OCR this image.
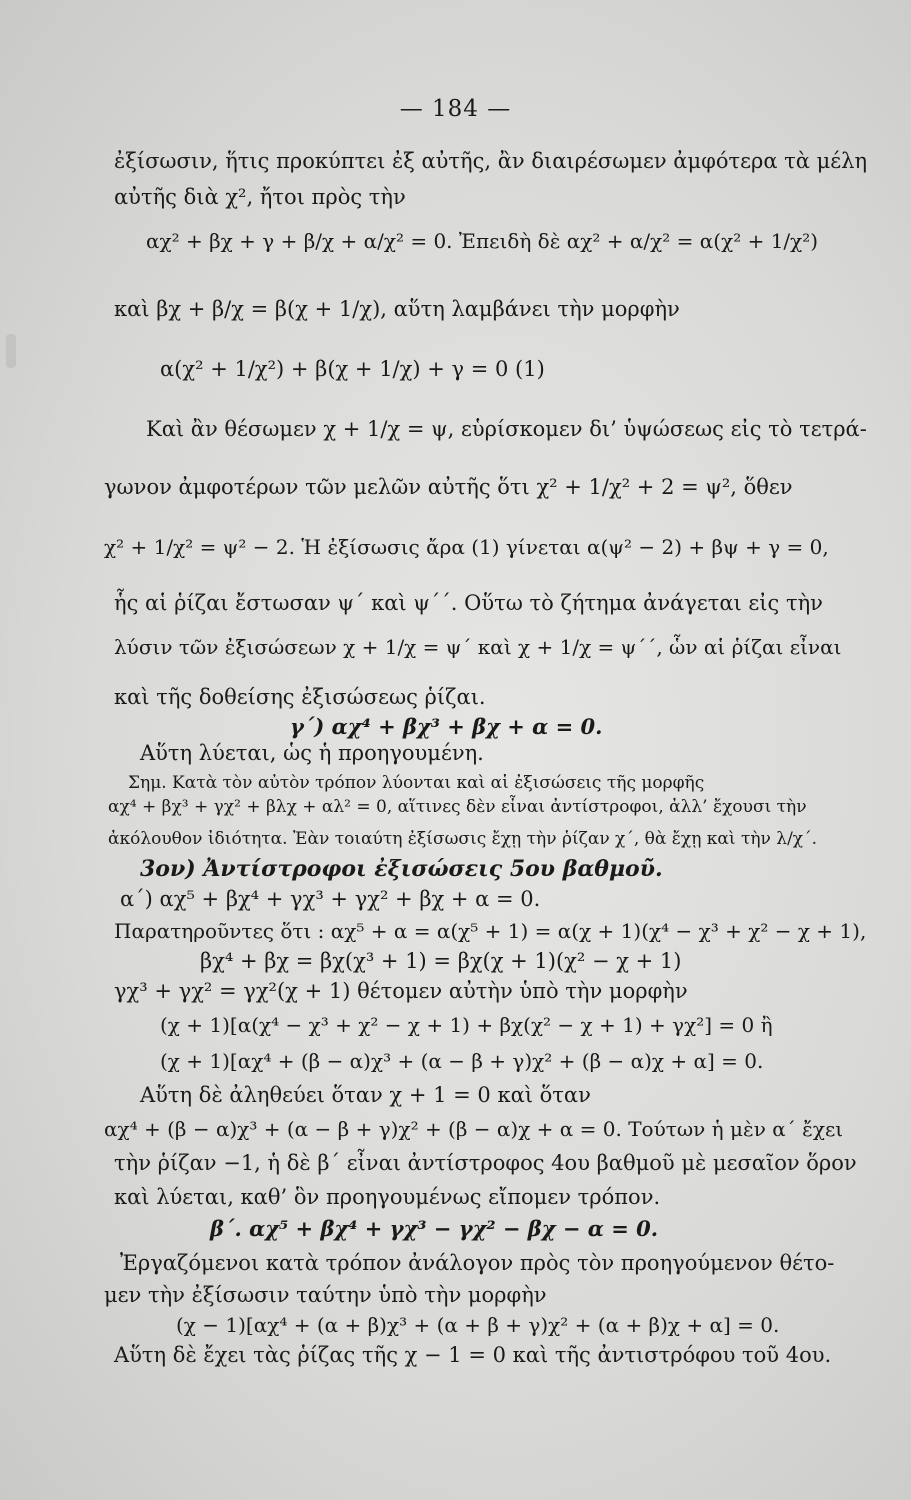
— 184 —
ἐξίσωσιν, ἥτις προκύπτει ἐξ αὐτῆς, ἂν διαιρέσωμεν ἀμφότερα τὰ μέλη
αὐτῆς διὰ χ², ἤτοι πρὸς τὴν
αχ² + βχ + γ + β/χ + α/χ² = 0. Ἐπειδὴ δὲ αχ² + α/χ² = α(χ² + 1/χ²)
καὶ βχ + β/χ = β(χ + 1/χ), αὕτη λαμβάνει τὴν μορφὴν
α(χ² + 1/χ²) + β(χ + 1/χ) + γ = 0 (1)
Καὶ ἂν θέσωμεν χ + 1/χ = ψ, εὑρίσκομεν δι’ ὑψώσεως εἰς τὸ τετρά-
γωνον ἀμφοτέρων τῶν μελῶν αὐτῆς ὅτι χ² + 1/χ² + 2 = ψ², ὅθεν
χ² + 1/χ² = ψ² − 2. Ἡ ἐξίσωσις ἄρα (1) γίνεται α(ψ² − 2) + βψ + γ = 0,
ἧς αἱ ῥίζαι ἔστωσαν ψ΄ καὶ ψ΄΄. Οὕτω τὸ ζήτημα ἀνάγεται εἰς τὴν
λύσιν τῶν ἐξισώσεων χ + 1/χ = ψ΄ καὶ χ + 1/χ = ψ΄΄, ὧν αἱ ῥίζαι εἶναι
καὶ τῆς δοθείσης ἐξισώσεως ῥίζαι.
γ΄) αχ⁴ + βχ³ + βχ + α = 0.
Αὕτη λύεται, ὡς ἡ προηγουμένη.
Σημ. Κατὰ τὸν αὐτὸν τρόπον λύονται καὶ αἱ ἐξισώσεις τῆς μορφῆς
αχ⁴ + βχ³ + γχ² + βλχ + αλ² = 0, αἵτινες δὲν εἶναι ἀντίστροφοι, ἀλλ’ ἔχουσι τὴν
ἀκόλουθον ἰδιότητα. Ἐὰν τοιαύτη ἐξίσωσις ἔχῃ τὴν ῥίζαν χ΄, θὰ ἔχῃ καὶ τὴν λ/χ΄.
3ον) Ἀντίστροφοι ἐξισώσεις 5ου βαθμοῦ.
α΄) αχ⁵ + βχ⁴ + γχ³ + γχ² + βχ + α = 0.
Παρατηροῦντες ὅτι : αχ⁵ + α = α(χ⁵ + 1) = α(χ + 1)(χ⁴ − χ³ + χ² − χ + 1),
βχ⁴ + βχ = βχ(χ³ + 1) = βχ(χ + 1)(χ² − χ + 1)
γχ³ + γχ² = γχ²(χ + 1) θέτομεν αὐτὴν ὑπὸ τὴν μορφὴν
(χ + 1)[α(χ⁴ − χ³ + χ² − χ + 1) + βχ(χ² − χ + 1) + γχ²] = 0 ἢ
(χ + 1)[αχ⁴ + (β − α)χ³ + (α − β + γ)χ² + (β − α)χ + α] = 0.
Αὕτη δὲ ἀληθεύει ὅταν χ + 1 = 0 καὶ ὅταν
αχ⁴ + (β − α)χ³ + (α − β + γ)χ² + (β − α)χ + α = 0. Τούτων ἡ μὲν α΄ ἔχει
τὴν ῥίζαν −1, ἡ δὲ β΄ εἶναι ἀντίστροφος 4ου βαθμοῦ μὲ μεσαῖον ὅρον
καὶ λύεται, καθ’ ὃν προηγουμένως εἴπομεν τρόπον.
β΄. αχ⁵ + βχ⁴ + γχ³ − γχ² − βχ − α = 0.
Ἐργαζόμενοι κατὰ τρόπον ἀνάλογον πρὸς τὸν προηγούμενον θέτο-
μεν τὴν ἐξίσωσιν ταύτην ὑπὸ τὴν μορφὴν
(χ − 1)[αχ⁴ + (α + β)χ³ + (α + β + γ)χ² + (α + β)χ + α] = 0.
Αὕτη δὲ ἔχει τὰς ῥίζας τῆς χ − 1 = 0 καὶ τῆς ἀντιστρόφου τοῦ 4ου.
